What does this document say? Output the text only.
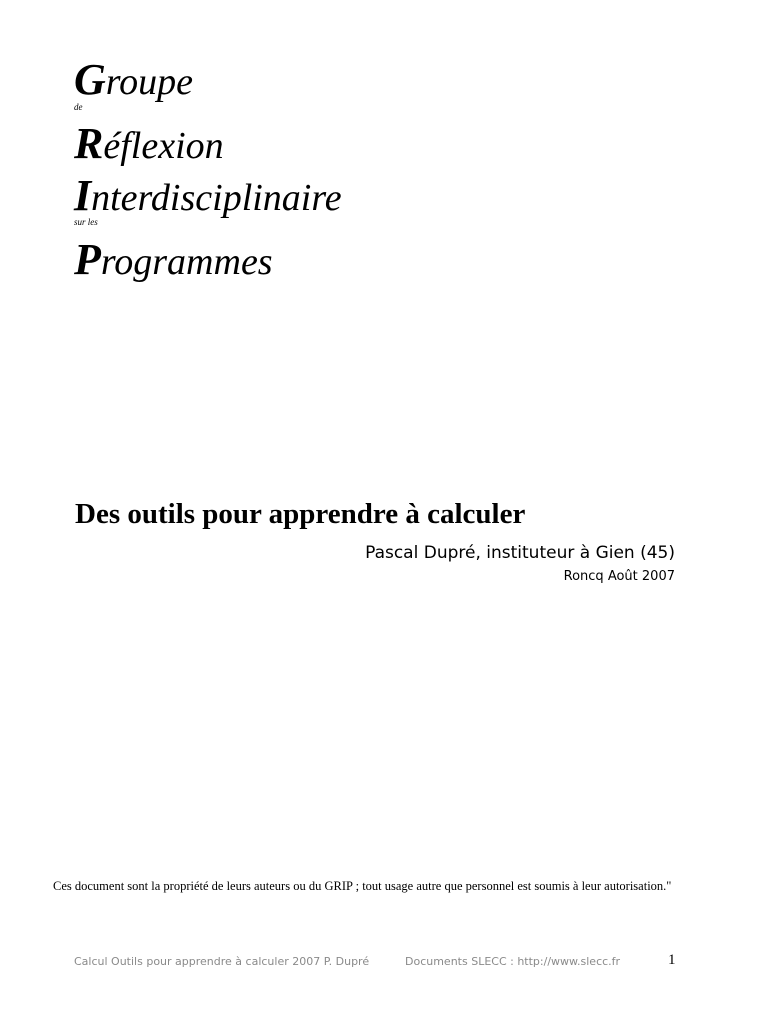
Groupe
de
Réflexion
Interdisciplinaire
sur les
Programmes
Des outils pour apprendre à calculer
Pascal Dupré, instituteur à Gien (45)
Roncq Août 2007
Ces document sont la propriété de leurs auteurs ou du GRIP ; tout usage autre que personnel est soumis à leur autorisation."
Calcul Outils pour apprendre à calculer 2007 P. Dupré	Documents SLECC : http://www.slecc.fr	1
